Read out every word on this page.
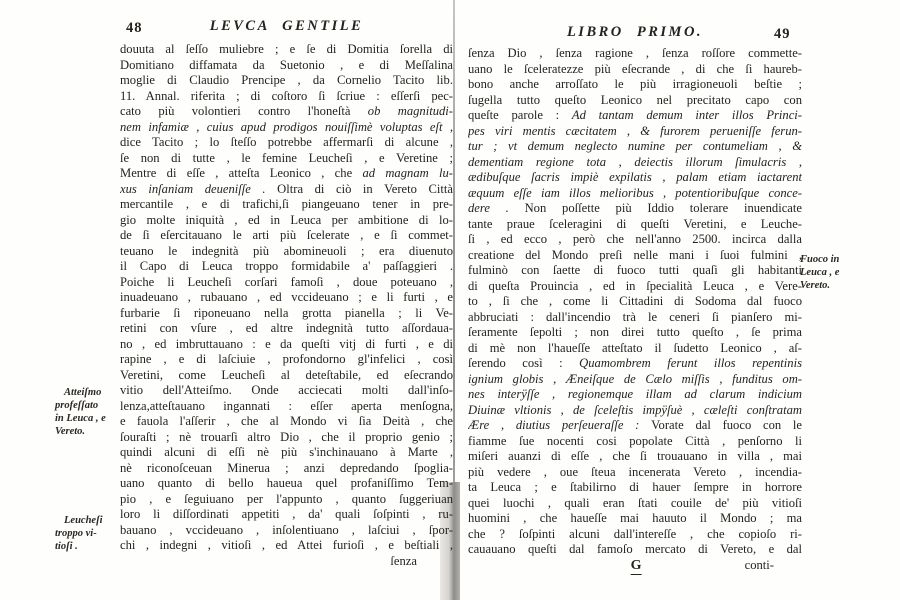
48	LEVCA GENTILE	LIBRO PRIMO.	49
douuta al ſeſſo muliebre ; e ſe di Domitia ſorella di
Domitiano diffamata da Suetonio , e di Meſſalina
moglie di Claudio Prencipe , da Cornelio Tacito lib.
11. Annal. riferita ; di coſtoro ſi ſcriue : eſſerſi pec-
cato più volontieri contro l'honeſtà ob magnitudi-
nem infamiæ , cuius apud prodigos nouiſſimè voluptas eſt ,
dice Tacito ; lo ſteſſo potrebbe affermarſi di alcune ,
ſe non di tutte , le femine Leucheſi , e Veretine ;
Mentre di eſſe , atteſta Leonico , che ad magnam lu-
xus inſaniam deueniſſe . Oltra di ciò in Vereto Città
mercantile , e di trafichi,ſi piangeuano tener in pre-
gio molte iniquità , ed in Leuca per ambitione di lo-
de ſi eſercitauano le arti più ſcelerate , e ſi commet-
teuano le indegnità più abomineuoli ; era diuenuto
il Capo di Leuca troppo formidabile a' paſſaggieri .
Poiche li Leucheſi corſari famoſi , doue poteuano ,
inuadeuano , rubauano , ed vccideuano ; e li furti , e
furbarie ſi riponeuano nella grotta pianella ; li Ve-
retini con vſure , ed altre indegnità tutto aſſordaua-
no , ed imbruttauano : e da queſti vitj di furti , e di
rapine , e di laſciuie , profondorno gl'infelici , così
Veretini, come Leucheſi al deteſtabile, ed eſecrando
vitio dell'Atteiſmo. Onde acciecati molti dall'inſo-
lenza,atteſtauano ingannati : eſſer aperta menſogna,
e fauola l'aſſerir , che al Mondo vi ſia Deità , che
ſouraſti ; nè trouarſi altro Dio , che il proprio genio ;
quindi alcuni di eſſi nè più s'inchinauano à Marte ,
nè riconoſceuan Minerua ; anzi depredando ſpoglia-
uano quanto di bello haueua quel profaniſſimo Tem-
pio , e ſeguiuano per l'appunto , quanto ſuggeriuan
loro li diſſordinati appetiti , da' quali ſoſpinti , ru-
bauano , vccideuano , inſolentiuano , laſciui , ſpor-
chi , indegni , vitioſi , ed Attei furioſi , e beſtiali ,
ſenza
ſenza Dio , ſenza ragione , ſenza roſſore commette-
uano le ſceleratezze più eſecrande , di che ſi haureb-
bono anche arroſſato le più irragioneuoli beſtie ;
ſugella tutto queſto Leonico nel precitato capo con
queſte parole : Ad tantam demum inter illos Princi-
pes viri mentis cæcitatem , & furorem perueniſſe ferun-
tur ; vt demum neglecto numine per contumeliam , &
dementiam regione tota , deiectis illorum ſimulacris ,
ædibuſque ſacris impiè expilatis , palam etiam iactarent
æquum eſſe iam illos melioribus , potentioribuſque conce-
dere . Non poſſette più Iddio tolerare inuendicate
tante praue ſceleragini di queſti Veretini, e Leuche-
ſi , ed ecco , però che nell'anno 2500. incirca dalla
creatione del Mondo preſi nelle mani i ſuoi fulmini ,
fulminò con ſaette di fuoco tutti quaſi gli habitanti
di queſta Prouincia , ed in ſpecialità Leuca , e Vere-
to , ſi che , come li Cittadini di Sodoma dal fuoco
abbruciati : dall'incendio trà le ceneri ſi pianſero mi-
ſeramente ſepolti ; non direi tutto queſto , ſe prima
di mè non l'haueſſe atteſtato il ſudetto Leonico , aſ-
ſerendo così : Quamombrem ferunt illos repentinis
ignium globis , Æneiſque de Cælo miſſis , funditus om-
nes interÿſſe , regionemque illam ad clarum indicium
Diuinæ vltionis , de ſceleſtis impÿſuè , cæleſti conſtratam
Ære , diutius perſeueraſſe : Vorate dal fuoco con le
fiamme ſue nocenti cosi popolate Città , penſorno li
miſeri auanzi di eſſe , che ſi trouauano in villa , mai
più vedere , oue ſteua incenerata Vereto , incendia-
ta Leuca ; e ſtabilirno di hauer ſempre in horrore
quei luochi , quali eran ſtati couile de' più vitioſi
huomini , che haueſſe mai hauuto il Mondo ; ma
che ? ſoſpinti alcuni dall'intereſſe , che copioſo ri-
cauauano queſti dal famoſo mercato di Vereto, e dal
G	conti-
Atteiſmo
profeſſato
in Leuca , e
Vereto.
Leucheſi
troppo vi-
tioſi .
Fuoco in
Leuca , e
Vereto.
